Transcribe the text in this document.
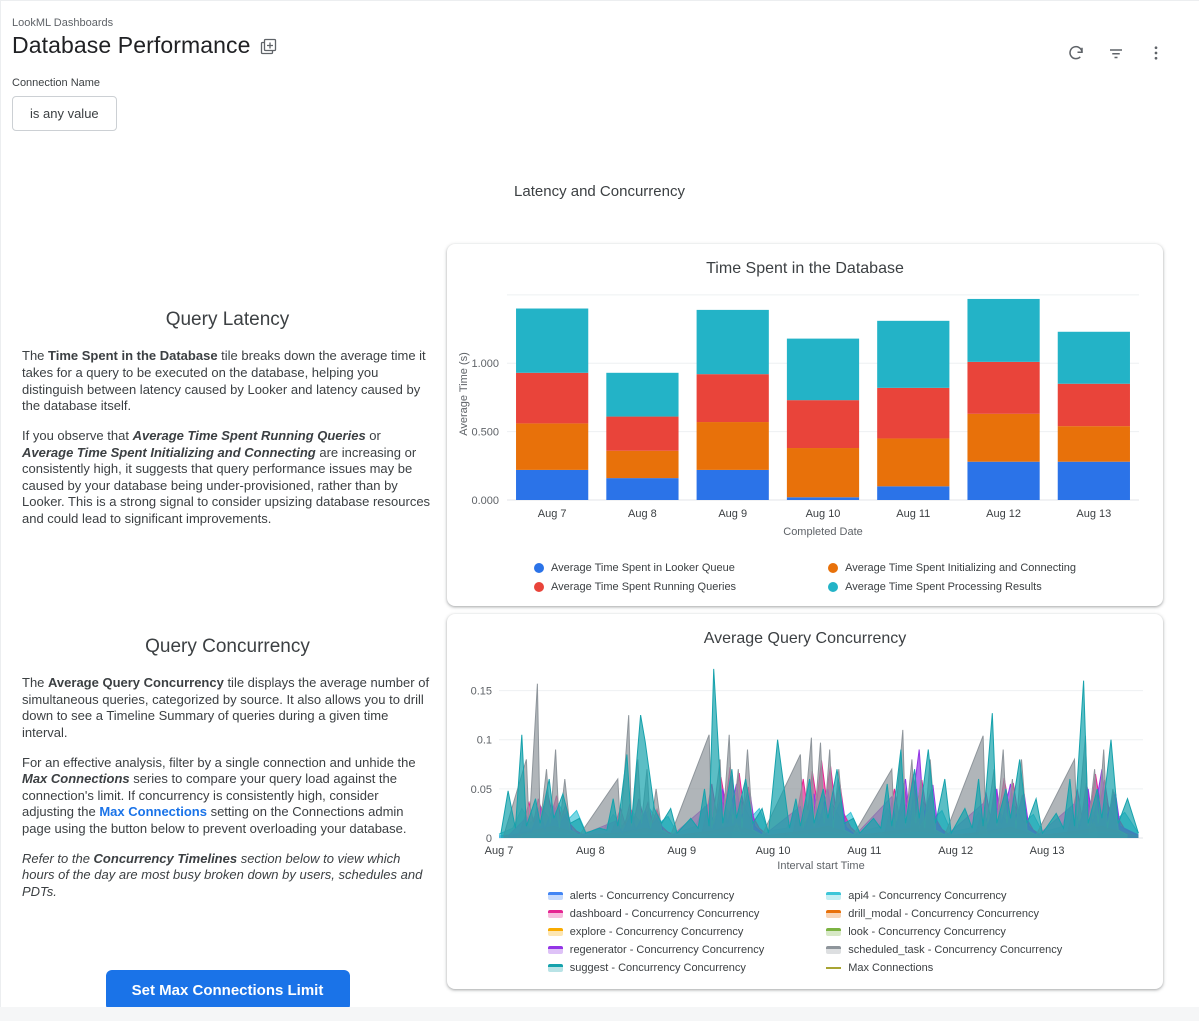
LookML Dashboards
Database Performance
Connection Name
is any value
Latency and Concurrency
Query Latency

The Time Spent in the Database tile breaks down the average time it takes for a query to be executed on the database, helping you distinguish between latency caused by Looker and latency caused by the database itself.

If you observe that Average Time Spent Running Queries or Average Time Spent Initializing and Connecting are increasing or consistently high, it suggests that query performance issues may be caused by your database being under-provisioned, rather than by Looker. This is a strong signal to consider upsizing database resources and could lead to significant improvements.

Time Spent in the Database
0.000
0.500
1.000
Aug 7	Aug 8	Aug 9	Aug 10	Aug 11	Aug 12	Aug 13
Completed Date
Average Time (s)
Average Time Spent in Looker Queue	Average Time Spent Initializing and Connecting
Average Time Spent Running Queries	Average Time Spent Processing Results
Query Concurrency

The Average Query Concurrency tile displays the average number of simultaneous queries, categorized by source. It also allows you to drill down to see a Timeline Summary of queries during a given time interval.

For an effective analysis, filter by a single connection and unhide the Max Connections series to compare your query load against the connection's limit. If concurrency is consistently high, consider adjusting the Max Connections setting on the Connections admin page using the button below to prevent overloading your database.

Refer to the Concurrency Timelines section below to view which hours of the day are most busy broken down by users, schedules and PDTs.

Set Max Connections Limit
Average Query Concurrency
0
0.05
0.1
0.15
Aug 7	Aug 8	Aug 9	Aug 10	Aug 11	Aug 12	Aug 13
Interval start Time
alerts - Concurrency Concurrency	api4 - Concurrency Concurrency
dashboard - Concurrency Concurrency	drill_modal - Concurrency Concurrency
explore - Concurrency Concurrency	look - Concurrency Concurrency
regenerator - Concurrency Concurrency	scheduled_task - Concurrency Concurrency
suggest - Concurrency Concurrency	Max Connections
